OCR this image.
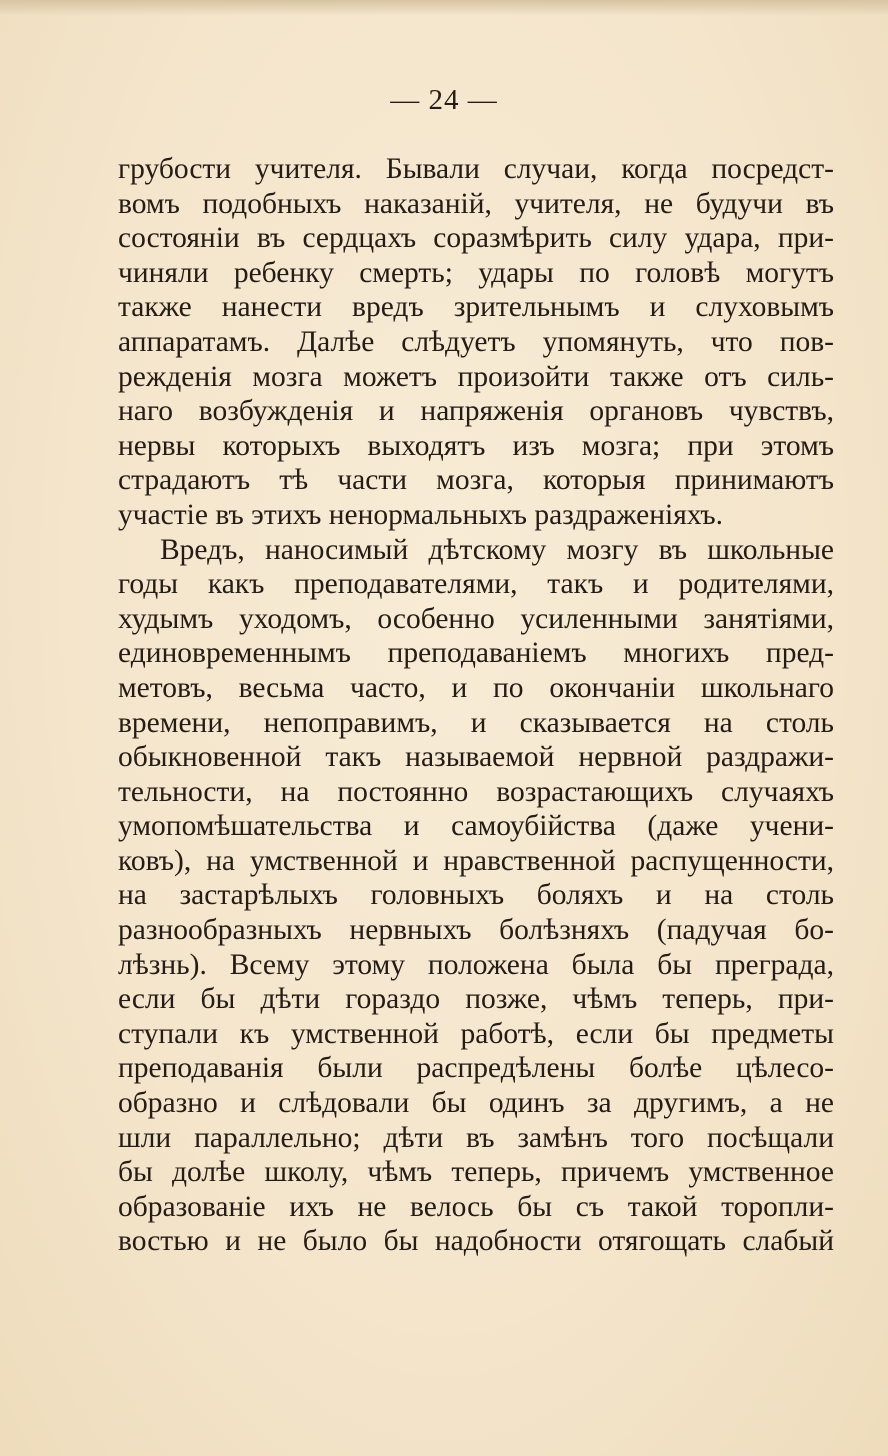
— 24 —
грубости учителя. Бывали случаи, когда посредст-
вомъ подобныхъ наказаній, учителя, не будучи въ
состояніи въ сердцахъ соразмѣрить силу удара, при-
чиняли ребенку смерть; удары по головѣ могутъ
также нанести вредъ зрительнымъ и слуховымъ
аппаратамъ. Далѣе слѣдуетъ упомянуть, что пов-
режденія мозга можетъ произойти также отъ силь-
наго возбужденія и напряженія органовъ чувствъ,
нервы которыхъ выходятъ изъ мозга; при этомъ
страдаютъ тѣ части мозга, которыя принимаютъ
участіе въ этихъ ненормальныхъ раздраженіяхъ.
Вредъ, наносимый дѣтскому мозгу въ школьные
годы какъ преподавателями, такъ и родителями,
худымъ уходомъ, особенно усиленными занятіями,
единовременнымъ преподаваніемъ многихъ пред-
метовъ, весьма часто, и по окончаніи школьнаго
времени, непоправимъ, и сказывается на столь
обыкновенной такъ называемой нервной раздражи-
тельности, на постоянно возрастающихъ случаяхъ
умопомѣшательства и самоубійства (даже учени-
ковъ), на умственной и нравственной распущенности,
на застарѣлыхъ головныхъ боляхъ и на столь
разнообразныхъ нервныхъ болѣзняхъ (падучая бо-
лѣзнь). Всему этому положена была бы преграда,
если бы дѣти гораздо позже, чѣмъ теперь, при-
ступали къ умственной работѣ, если бы предметы
преподаванія были распредѣлены болѣе цѣлесо-
образно и слѣдовали бы одинъ за другимъ, а не
шли параллельно; дѣти въ замѣнъ того посѣщали
бы долѣе школу, чѣмъ теперь, причемъ умственное
образованіе ихъ не велось бы съ такой торопли-
востью и не было бы надобности отягощать слабый
